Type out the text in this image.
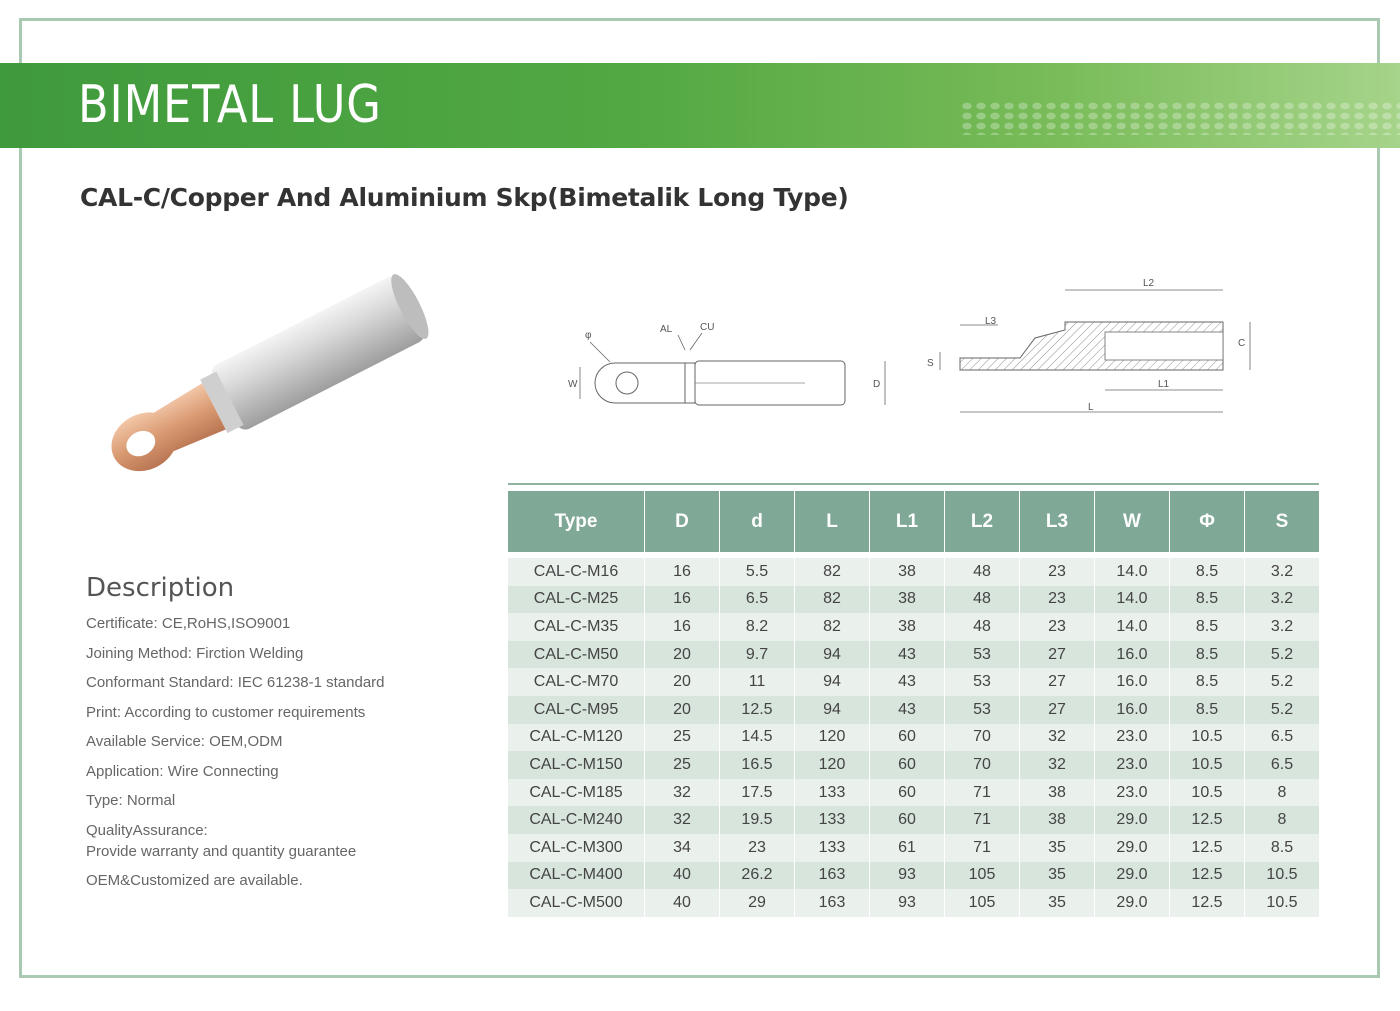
BIMETAL LUG
CAL-C/Copper And Aluminium Skp(Bimetalik Long Type)
φ
AL	CU
W	D
L2
L3
S
C
L1
L
Description
Certificate: CE,RoHS,ISO9001
Joining Method: Firction Welding
Conformant Standard: IEC 61238-1 standard
Print: According to customer requirements
Available Service: OEM,ODM
Application: Wire Connecting
Type: Normal
QualityAssurance:
Provide warranty and quantity guarantee
OEM&Customized are available.
Type	D	d	L	L1	L2	L3	W	Φ	S
CAL-C-M16	16	5.5	82	38	48	23	14.0	8.5	3.2
CAL-C-M25	16	6.5	82	38	48	23	14.0	8.5	3.2
CAL-C-M35	16	8.2	82	38	48	23	14.0	8.5	3.2
CAL-C-M50	20	9.7	94	43	53	27	16.0	8.5	5.2
CAL-C-M70	20	11	94	43	53	27	16.0	8.5	5.2
CAL-C-M95	20	12.5	94	43	53	27	16.0	8.5	5.2
CAL-C-M120	25	14.5	120	60	70	32	23.0	10.5	6.5
CAL-C-M150	25	16.5	120	60	70	32	23.0	10.5	6.5
CAL-C-M185	32	17.5	133	60	71	38	23.0	10.5	8
CAL-C-M240	32	19.5	133	60	71	38	29.0	12.5	8
CAL-C-M300	34	23	133	61	71	35	29.0	12.5	8.5
CAL-C-M400	40	26.2	163	93	105	35	29.0	12.5	10.5
CAL-C-M500	40	29	163	93	105	35	29.0	12.5	10.5
